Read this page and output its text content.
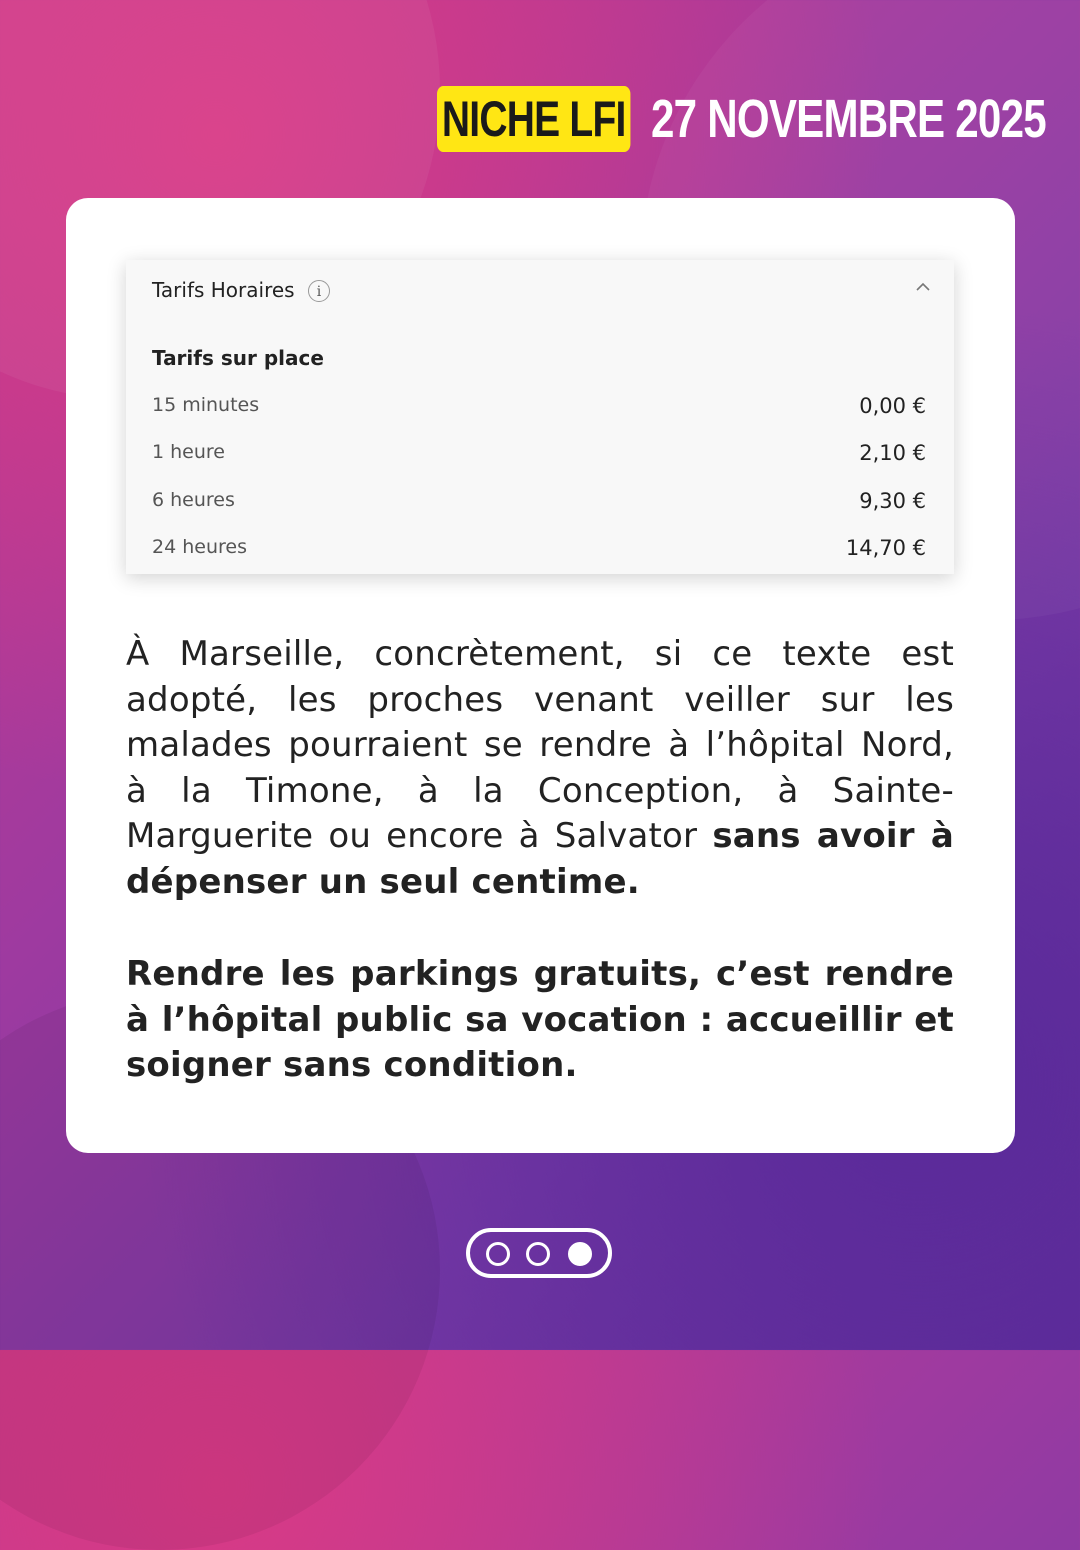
NICHE LFI 27 NOVEMBRE 2025
Tarifs Horaires	i
Tarifs sur place
15 minutes	0,00 €
1 heure	2,10 €
6 heures	9,30 €
24 heures	14,70 €
À Marseille, concrètement, si ce texte est adopté, les proches venant veiller sur les malades pourraient se rendre à l’hôpital Nord, à la Timone, à la Conception, à Sainte-Marguerite ou encore à Salvator sans avoir à dépenser un seul centime.
Rendre les parkings gratuits, c’est rendre à l’hôpital public sa vocation : accueillir et soigner sans condition.
